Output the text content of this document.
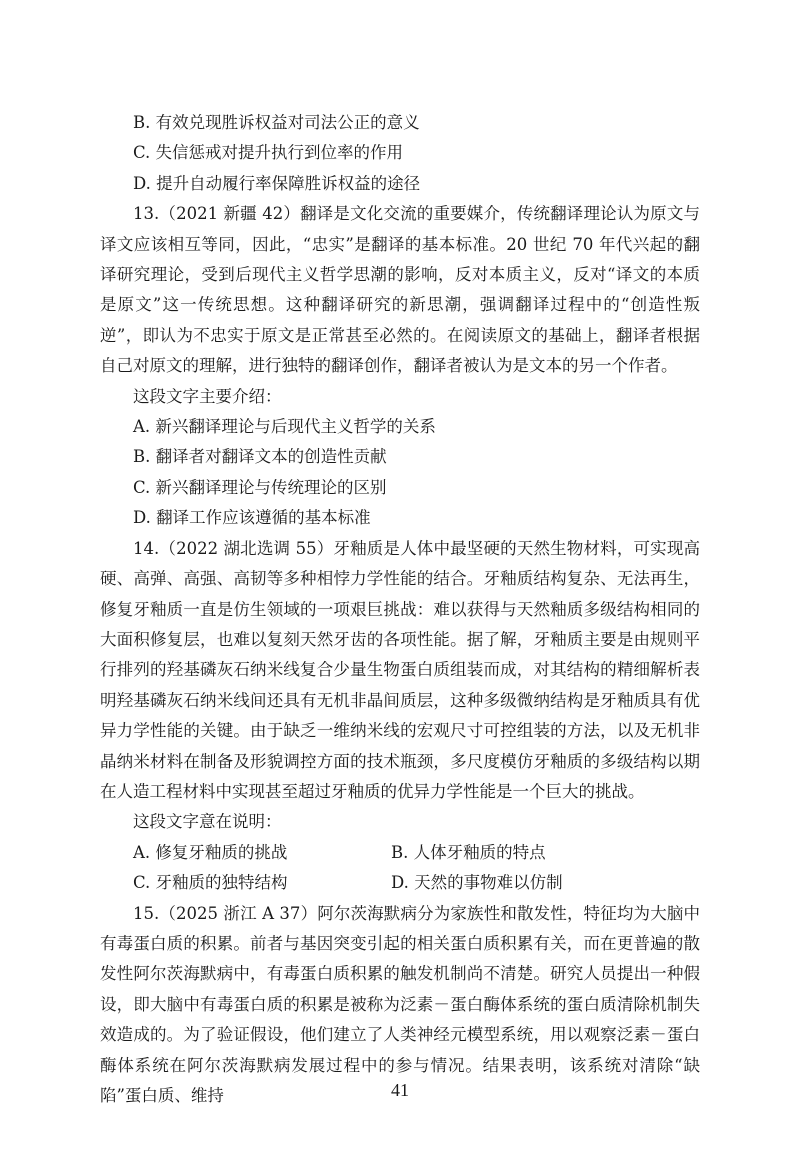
B. 有效兑现胜诉权益对司法公正的意义
C. 失信惩戒对提升执行到位率的作用
D. 提升自动履行率保障胜诉权益的途径
13.（2021 新疆 42）翻译是文化交流的重要媒介，传统翻译理论认为原文与译文应该相互等同，因此，“忠实”是翻译的基本标准。20 世纪 70 年代兴起的翻译研究理论，受到后现代主义哲学思潮的影响，反对本质主义，反对“译文的本质是原文”这一传统思想。这种翻译研究的新思潮，强调翻译过程中的“创造性叛逆”，即认为不忠实于原文是正常甚至必然的。在阅读原文的基础上，翻译者根据自己对原文的理解，进行独特的翻译创作，翻译者被认为是文本的另一个作者。
这段文字主要介绍：
A. 新兴翻译理论与后现代主义哲学的关系
B. 翻译者对翻译文本的创造性贡献
C. 新兴翻译理论与传统理论的区别
D. 翻译工作应该遵循的基本标准
14.（2022 湖北选调 55）牙釉质是人体中最坚硬的天然生物材料，可实现高硬、高弹、高强、高韧等多种相悖力学性能的结合。牙釉质结构复杂、无法再生，修复牙釉质一直是仿生领域的一项艰巨挑战：难以获得与天然釉质多级结构相同的大面积修复层，也难以复刻天然牙齿的各项性能。据了解，牙釉质主要是由规则平行排列的羟基磷灰石纳米线复合少量生物蛋白质组装而成，对其结构的精细解析表明羟基磷灰石纳米线间还具有无机非晶间质层，这种多级微纳结构是牙釉质具有优异力学性能的关键。由于缺乏一维纳米线的宏观尺寸可控组装的方法，以及无机非晶纳米材料在制备及形貌调控方面的技术瓶颈，多尺度模仿牙釉质的多级结构以期在人造工程材料中实现甚至超过牙釉质的优异力学性能是一个巨大的挑战。
这段文字意在说明：
A. 修复牙釉质的挑战	B. 人体牙釉质的特点
C. 牙釉质的独特结构	D. 天然的事物难以仿制
15.（2025 浙江 A 37）阿尔茨海默病分为家族性和散发性，特征均为大脑中有毒蛋白质的积累。前者与基因突变引起的相关蛋白质积累有关，而在更普遍的散发性阿尔茨海默病中，有毒蛋白质积累的触发机制尚不清楚。研究人员提出一种假设，即大脑中有毒蛋白质的积累是被称为泛素－蛋白酶体系统的蛋白质清除机制失效造成的。为了验证假设，他们建立了人类神经元模型系统，用以观察泛素－蛋白酶体系统在阿尔茨海默病发展过程中的参与情况。结果表明，该系统对清除“缺陷”蛋白质、维持	41
